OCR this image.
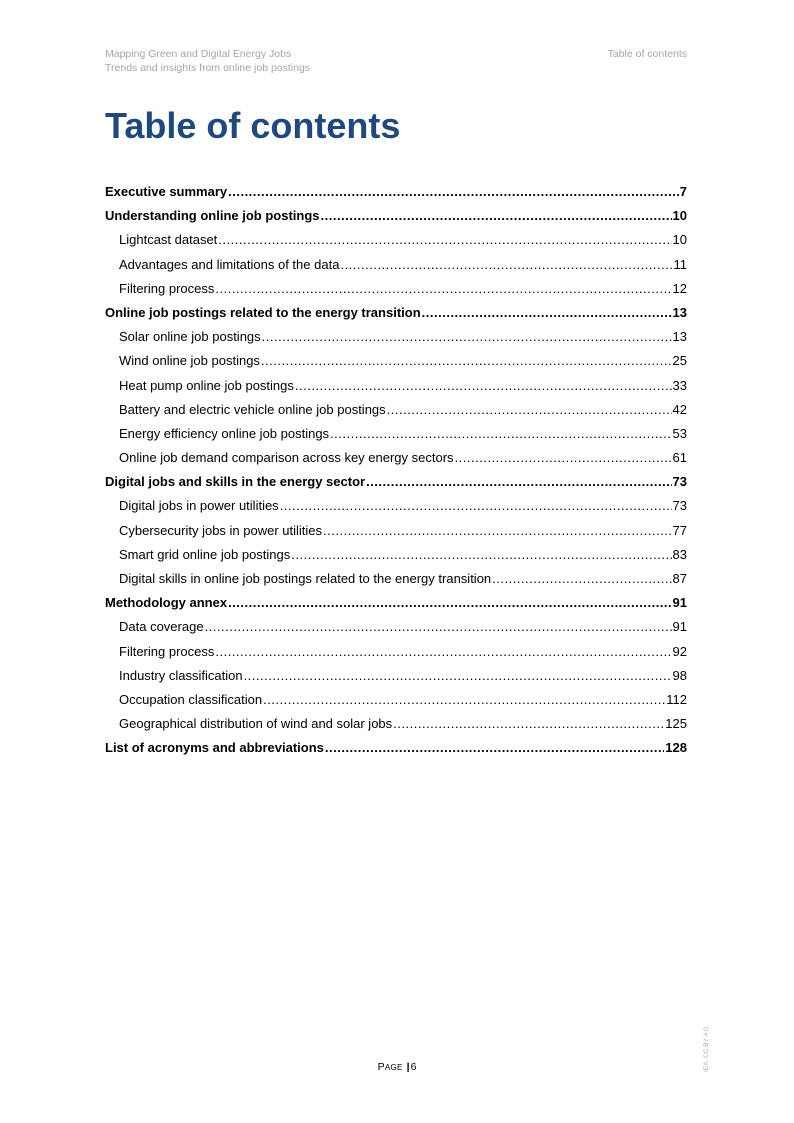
Mapping Green and Digital Energy Jobs
Trends and insights from online job postings
Table of contents
Table of contents
Executive summary .....	7
Understanding online job postings .....	10
Lightcast dataset .....	10
Advantages and limitations of the data .....	11
Filtering process .....	12
Online job postings related to the energy transition .....	13
Solar online job postings .....	13
Wind online job postings .....	25
Heat pump online job postings .....	33
Battery and electric vehicle online job postings .....	42
Energy efficiency online job postings .....	53
Online job demand comparison across key energy sectors .....	61
Digital jobs and skills in the energy sector .....	73
Digital jobs in power utilities .....	73
Cybersecurity jobs in power utilities .....	77
Smart grid online job postings .....	83
Digital skills in online job postings related to the energy transition .....	87
Methodology annex .....	91
Data coverage .....	91
Filtering process .....	92
Industry classification .....	98
Occupation classification .....	112
Geographical distribution of wind and solar jobs .....	125
List of acronyms and abbreviations .....	128
PAGE |6	IEA. CC BY 4.0.
